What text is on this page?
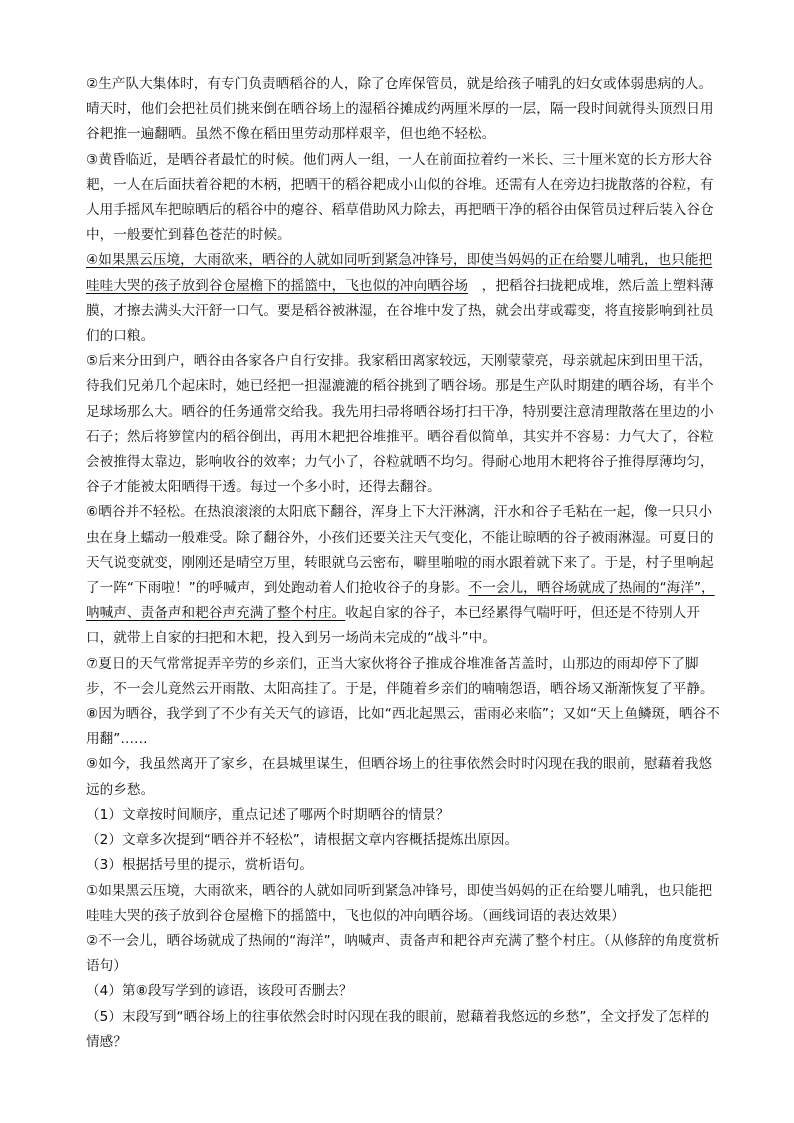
②生产队大集体时，有专门负责晒稻谷的人，除了仓库保管员，就是给孩子哺乳的妇女或体弱患病的人。晴天时，他们会把社员们挑来倒在晒谷场上的湿稻谷摊成约两厘米厚的一层，隔一段时间就得头顶烈日用谷耙推一遍翻晒。虽然不像在稻田里劳动那样艰辛，但也绝不轻松。

③黄昏临近，是晒谷者最忙的时候。他们两人一组，一人在前面拉着约一米长、三十厘米宽的长方形大谷耙，一人在后面扶着谷耙的木柄，把晒干的稻谷耙成小山似的谷堆。还需有人在旁边扫拢散落的谷粒，有人用手摇风车把晾晒后的稻谷中的瘪谷、稻草借助风力除去，再把晒干净的稻谷由保管员过秤后装入谷仓中，一般要忙到暮色苍茫的时候。

④如果黑云压境，大雨欲来，晒谷的人就如同听到紧急冲锋号，即使当妈妈的正在给婴儿哺乳，也只能把哇哇大哭的孩子放到谷仓屋檐下的摇篮中，飞也似的冲向晒谷场　，把稻谷扫拢耙成堆，然后盖上塑料薄膜，才擦去满头大汗舒一口气。要是稻谷被淋湿，在谷堆中发了热，就会出芽或霉变，将直接影响到社员们的口粮。

⑤后来分田到户，晒谷由各家各户自行安排。我家稻田离家较远，天刚蒙蒙亮，母亲就起床到田里干活，待我们兄弟几个起床时，她已经把一担湿漉漉的稻谷挑到了晒谷场。那是生产队时期建的晒谷场，有半个足球场那么大。晒谷的任务通常交给我。我先用扫帚将晒谷场打扫干净，特别要注意清理散落在里边的小石子；然后将箩筐内的稻谷倒出，再用木耙把谷堆推平。晒谷看似简单，其实并不容易：力气大了，谷粒会被推得太靠边，影响收谷的效率；力气小了，谷粒就晒不均匀。得耐心地用木耙将谷子推得厚薄均匀，谷子才能被太阳晒得干透。每过一个多小时，还得去翻谷。

⑥晒谷并不轻松。在热浪滚滚的太阳底下翻谷，浑身上下大汗淋漓，汗水和谷子毛粘在一起，像一只只小虫在身上蠕动一般难受。除了翻谷外，小孩们还要关注天气变化，不能让晾晒的谷子被雨淋湿。可夏日的天气说变就变，刚刚还是晴空万里，转眼就乌云密布，噼里啪啦的雨水跟着就下来了。于是，村子里响起了一阵“下雨啦！”的呼喊声，到处跑动着人们抢收谷子的身影。不一会儿，晒谷场就成了热闹的“海洋”，呐喊声、责备声和耙谷声充满了整个村庄。收起自家的谷子，本已经累得气喘吁吁，但还是不待别人开口，就带上自家的扫把和木耙，投入到另一场尚未完成的“战斗”中。

⑦夏日的天气常常捉弄辛劳的乡亲们，正当大家伙将谷子推成谷堆准备苫盖时，山那边的雨却停下了脚步，不一会儿竟然云开雨散、太阳高挂了。于是，伴随着乡亲们的喃喃怨语，晒谷场又渐渐恢复了平静。

⑧因为晒谷，我学到了不少有关天气的谚语，比如“西北起黑云，雷雨必来临”；又如“天上鱼鳞斑，晒谷不用翻”……

⑨如今，我虽然离开了家乡，在县城里谋生，但晒谷场上的往事依然会时时闪现在我的眼前，慰藉着我悠远的乡愁。

（1）文章按时间顺序，重点记述了哪两个时期晒谷的情景？

（2）文章多次提到“晒谷并不轻松”，请根据文章内容概括提炼出原因。

（3）根据括号里的提示，赏析语句。

①如果黑云压境，大雨欲来，晒谷的人就如同听到紧急冲锋号，即使当妈妈的正在给婴儿哺乳，也只能把哇哇大哭的孩子放到谷仓屋檐下的摇篮中，飞也似的冲向晒谷场。（画线词语的表达效果）

②不一会儿，晒谷场就成了热闹的“海洋”，呐喊声、责备声和耙谷声充满了整个村庄。（从修辞的角度赏析语句）

（4）第⑧段写学到的谚语，该段可否删去？

（5）末段写到“晒谷场上的往事依然会时时闪现在我的眼前，慰藉着我悠远的乡愁”，全文抒发了怎样的情感？
